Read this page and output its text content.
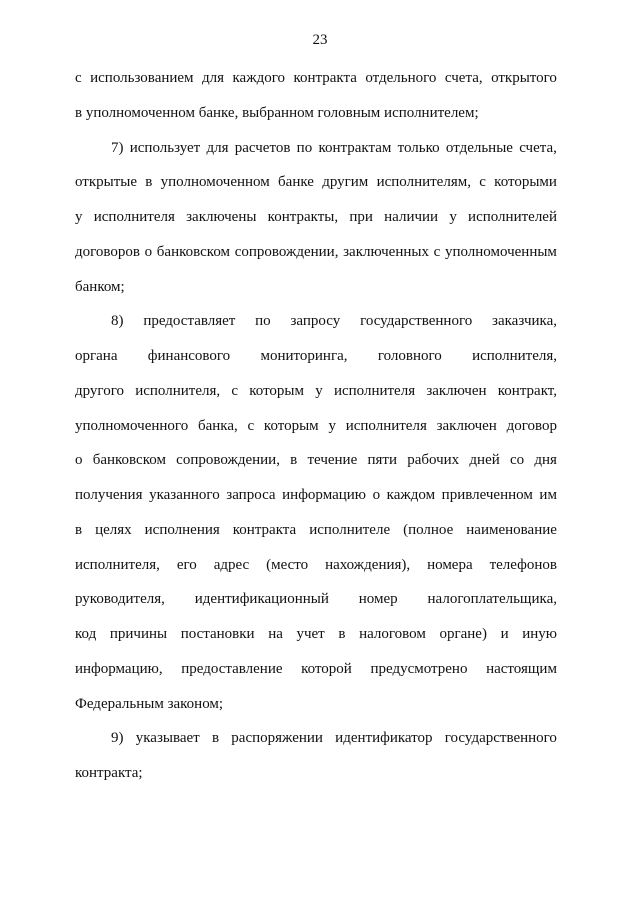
23
с использованием для каждого контракта отдельного счета, открытого
в уполномоченном банке, выбранном головным исполнителем;
7) использует для расчетов по контрактам только отдельные счета,
открытые в уполномоченном банке другим исполнителям, с которыми
у исполнителя заключены контракты, при наличии у исполнителей
договоров о банковском сопровождении, заключенных с уполномоченным
банком;
8) предоставляет по запросу государственного заказчика,
органа финансового мониторинга, головного исполнителя,
другого исполнителя, с которым у исполнителя заключен контракт,
уполномоченного банка, с которым у исполнителя заключен договор
о банковском сопровождении, в течение пяти рабочих дней со дня
получения указанного запроса информацию о каждом привлеченном им
в целях исполнения контракта исполнителе (полное наименование
исполнителя, его адрес (место нахождения), номера телефонов
руководителя, идентификационный номер налогоплательщика,
код причины постановки на учет в налоговом органе) и иную
информацию, предоставление которой предусмотрено настоящим
Федеральным законом;
9) указывает в распоряжении идентификатор государственного
контракта;
